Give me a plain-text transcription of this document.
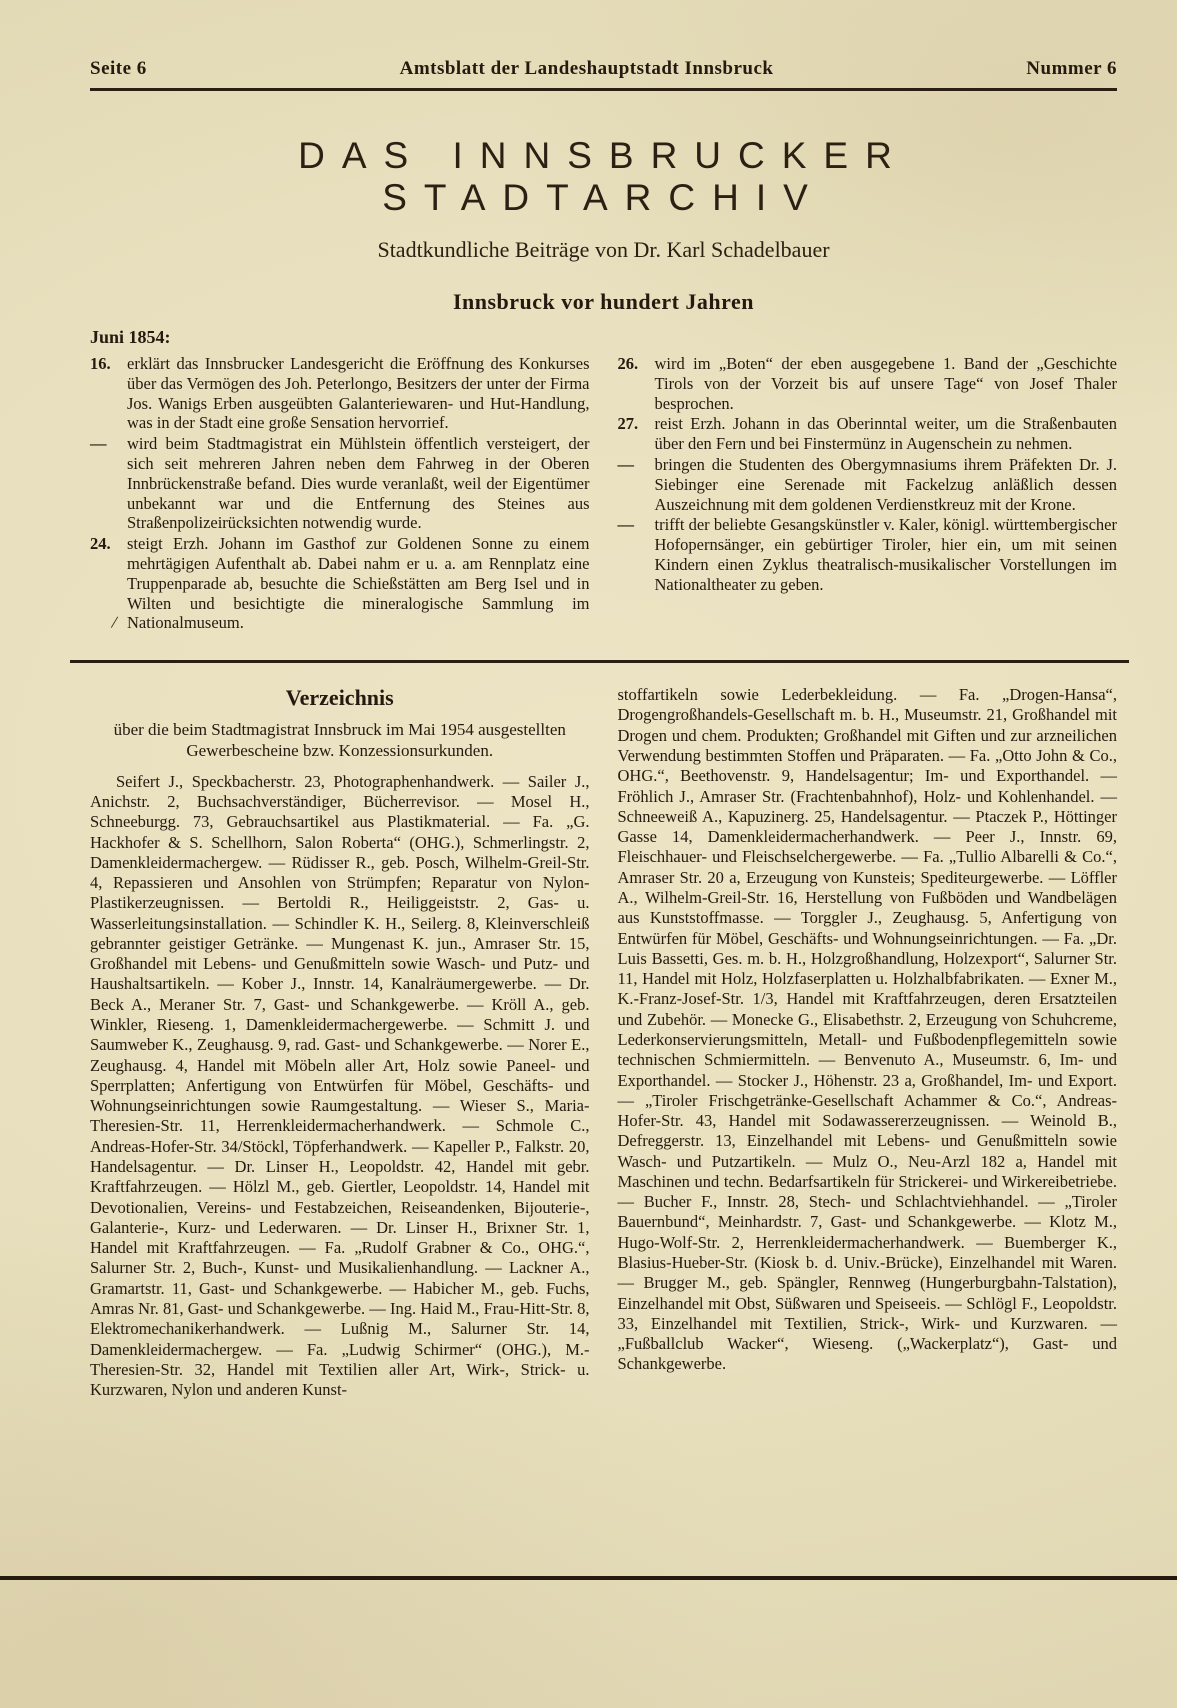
Seite 6	Amtsblatt der Landeshauptstadt Innsbruck	Nummer 6
DAS INNSBRUCKER STADTARCHIV
Stadtkundliche Beiträge von Dr. Karl Schadelbauer
Innsbruck vor hundert Jahren
Juni 1854:
16. erklärt das Innsbrucker Landesgericht die Eröffnung des Konkurses über das Vermögen des Joh. Peterlongo, Besitzers der unter der Firma Jos. Wanigs Erben ausgeübten Galanteriewaren- und Hut-Handlung, was in der Stadt eine große Sensation hervorrief.
—	wird beim Stadtmagistrat ein Mühlstein öffentlich versteigert, der sich seit mehreren Jahren neben dem Fahrweg in der Oberen Innbrückenstraße befand. Dies wurde veranlaßt, weil der Eigentümer unbekannt war und die Entfernung des Steines aus Straßenpolizeirücksichten notwendig wurde.
24. steigt Erzh. Johann im Gasthof zur Goldenen Sonne zu einem mehrtägigen Aufenthalt ab. Dabei nahm er u. a. am Rennplatz eine Truppenparade ab, besuchte die Schießstätten am Berg Isel und in Wilten und besichtigte die mineralogische Sammlung im Nationalmuseum.
26. wird im „Boten“ der eben ausgegebene 1. Band der „Geschichte Tirols von der Vorzeit bis auf unsere Tage“ von Josef Thaler besprochen.
27. reist Erzh. Johann in das Oberinntal weiter, um die Straßenbauten über den Fern und bei Finstermünz in Augenschein zu nehmen.
—	bringen die Studenten des Obergymnasiums ihrem Präfekten Dr. J. Siebinger eine Serenade mit Fackelzug anläßlich dessen Auszeichnung mit dem goldenen Verdienstkreuz mit der Krone.
—	trifft der beliebte Gesangskünstler v. Kaler, königl. württembergischer Hofopernsänger, ein gebürtiger Tiroler, hier ein, um mit seinen Kindern einen Zyklus theatralisch-musikalischer Vorstellungen im Nationaltheater zu geben.
Verzeichnis
über die beim Stadtmagistrat Innsbruck im Mai 1954 ausgestellten Gewerbescheine bzw. Konzessionsurkunden.
Seifert J., Speckbacherstr. 23, Photographenhandwerk. — Sailer J., Anichstr. 2, Buchsachverständiger, Bücherrevisor. — Mosel H., Schneeburgg. 73, Gebrauchsartikel aus Plastikmaterial. — Fa. „G. Hackhofer & S. Schellhorn, Salon Roberta“ (OHG.), Schmerlingstr. 2, Damenkleidermachergew. — Rüdisser R., geb. Posch, Wilhelm-Greil-Str. 4, Repassieren und Ansohlen von Strümpfen; Reparatur von Nylon-Plastikerzeugnissen. — Bertoldi R., Heiliggeiststr. 2, Gas- u. Wasserleitungsinstallation. — Schindler K. H., Seilerg. 8, Kleinverschleiß gebrannter geistiger Getränke. — Mungenast K. jun., Amraser Str. 15, Großhandel mit Lebens- und Genußmitteln sowie Wasch- und Putz- und Haushaltsartikeln. — Kober J., Innstr. 14, Kanalräumergewerbe. — Dr. Beck A., Meraner Str. 7, Gast- und Schankgewerbe. — Kröll A., geb. Winkler, Rieseng. 1, Damenkleidermachergewerbe. — Schmitt J. und Saumweber K., Zeughausg. 9, rad. Gast- und Schankgewerbe. — Norer E., Zeughausg. 4, Handel mit Möbeln aller Art, Holz sowie Paneel- und Sperrplatten; Anfertigung von Entwürfen für Möbel, Geschäfts- und Wohnungseinrichtungen sowie Raumgestaltung. — Wieser S., Maria-Theresien-Str. 11, Herrenkleidermacherhandwerk. — Schmole C., Andreas-Hofer-Str. 34/Stöckl, Töpferhandwerk. — Kapeller P., Falkstr. 20, Handelsagentur. — Dr. Linser H., Leopoldstr. 42, Handel mit gebr. Kraftfahrzeugen. — Hölzl M., geb. Giertler, Leopoldstr. 14, Handel mit Devotionalien, Vereins- und Festabzeichen, Reiseandenken, Bijouterie-, Galanterie-, Kurz- und Lederwaren. — Dr. Linser H., Brixner Str. 1, Handel mit Kraftfahrzeugen. — Fa. „Rudolf Grabner & Co., OHG.“, Salurner Str. 2, Buch-, Kunst- und Musikalienhandlung. — Lackner A., Gramartstr. 11, Gast- und Schankgewerbe. — Habicher M., geb. Fuchs, Amras Nr. 81, Gast- und Schankgewerbe. — Ing. Haid M., Frau-Hitt-Str. 8, Elektromechanikerhandwerk. — Lußnig M., Salurner Str. 14, Damenkleidermachergew. — Fa. „Ludwig Schirmer“ (OHG.), M.-Theresien-Str. 32, Handel mit Textilien aller Art, Wirk-, Strick- u. Kurzwaren, Nylon und anderen Kunst-
stoffartikeln sowie Lederbekleidung. — Fa. „Drogen-Hansa“, Drogengroßhandels-Gesellschaft m. b. H., Museumstr. 21, Großhandel mit Drogen und chem. Produkten; Großhandel mit Giften und zur arzneilichen Verwendung bestimmten Stoffen und Präparaten. — Fa. „Otto John & Co., OHG.“, Beethovenstr. 9, Handelsagentur; Im- und Exporthandel. — Fröhlich J., Amraser Str. (Frachtenbahnhof), Holz- und Kohlenhandel. — Schneeweiß A., Kapuzinerg. 25, Handelsagentur. — Ptaczek P., Höttinger Gasse 14, Damenkleidermacherhandwerk. — Peer J., Innstr. 69, Fleischhauer- und Fleischselchergewerbe. — Fa. „Tullio Albarelli & Co.“, Amraser Str. 20 a, Erzeugung von Kunsteis; Spediteurgewerbe. — Löffler A., Wilhelm-Greil-Str. 16, Herstellung von Fußböden und Wandbelägen aus Kunststoffmasse. — Torggler J., Zeughausg. 5, Anfertigung von Entwürfen für Möbel, Geschäfts- und Wohnungseinrichtungen. — Fa. „Dr. Luis Bassetti, Ges. m. b. H., Holzgroßhandlung, Holzexport“, Salurner Str. 11, Handel mit Holz, Holzfaserplatten u. Holzhalbfabrikaten. — Exner M., K.-Franz-Josef-Str. 1/3, Handel mit Kraftfahrzeugen, deren Ersatzteilen und Zubehör. — Monecke G., Elisabethstr. 2, Erzeugung von Schuhcreme, Lederkonservierungsmitteln, Metall- und Fußbodenpflegemitteln sowie technischen Schmiermitteln. — Benvenuto A., Museumstr. 6, Im- und Exporthandel. — Stocker J., Höhenstr. 23 a, Großhandel, Im- und Export. — „Tiroler Frischgetränke-Gesellschaft Achammer & Co.“, Andreas-Hofer-Str. 43, Handel mit Sodawassererzeugnissen. — Weinold B., Defreggerstr. 13, Einzelhandel mit Lebens- und Genußmitteln sowie Wasch- und Putzartikeln. — Mulz O., Neu-Arzl 182 a, Handel mit Maschinen und techn. Bedarfsartikeln für Strickerei- und Wirkereibetriebe. — Bucher F., Innstr. 28, Stech- und Schlachtviehhandel. — „Tiroler Bauernbund“, Meinhardstr. 7, Gast- und Schankgewerbe. — Klotz M., Hugo-Wolf-Str. 2, Herrenkleidermacherhandwerk. — Buemberger K., Blasius-Hueber-Str. (Kiosk b. d. Univ.-Brücke), Einzelhandel mit Waren. — Brugger M., geb. Spängler, Rennweg (Hungerburgbahn-Talstation), Einzelhandel mit Obst, Süßwaren und Speiseeis. — Schlögl F., Leopoldstr. 33, Einzelhandel mit Textilien, Strick-, Wirk- und Kurzwaren. — „Fußballclub Wacker“, Wieseng. („Wackerplatz“), Gast- und Schankgewerbe.
/
